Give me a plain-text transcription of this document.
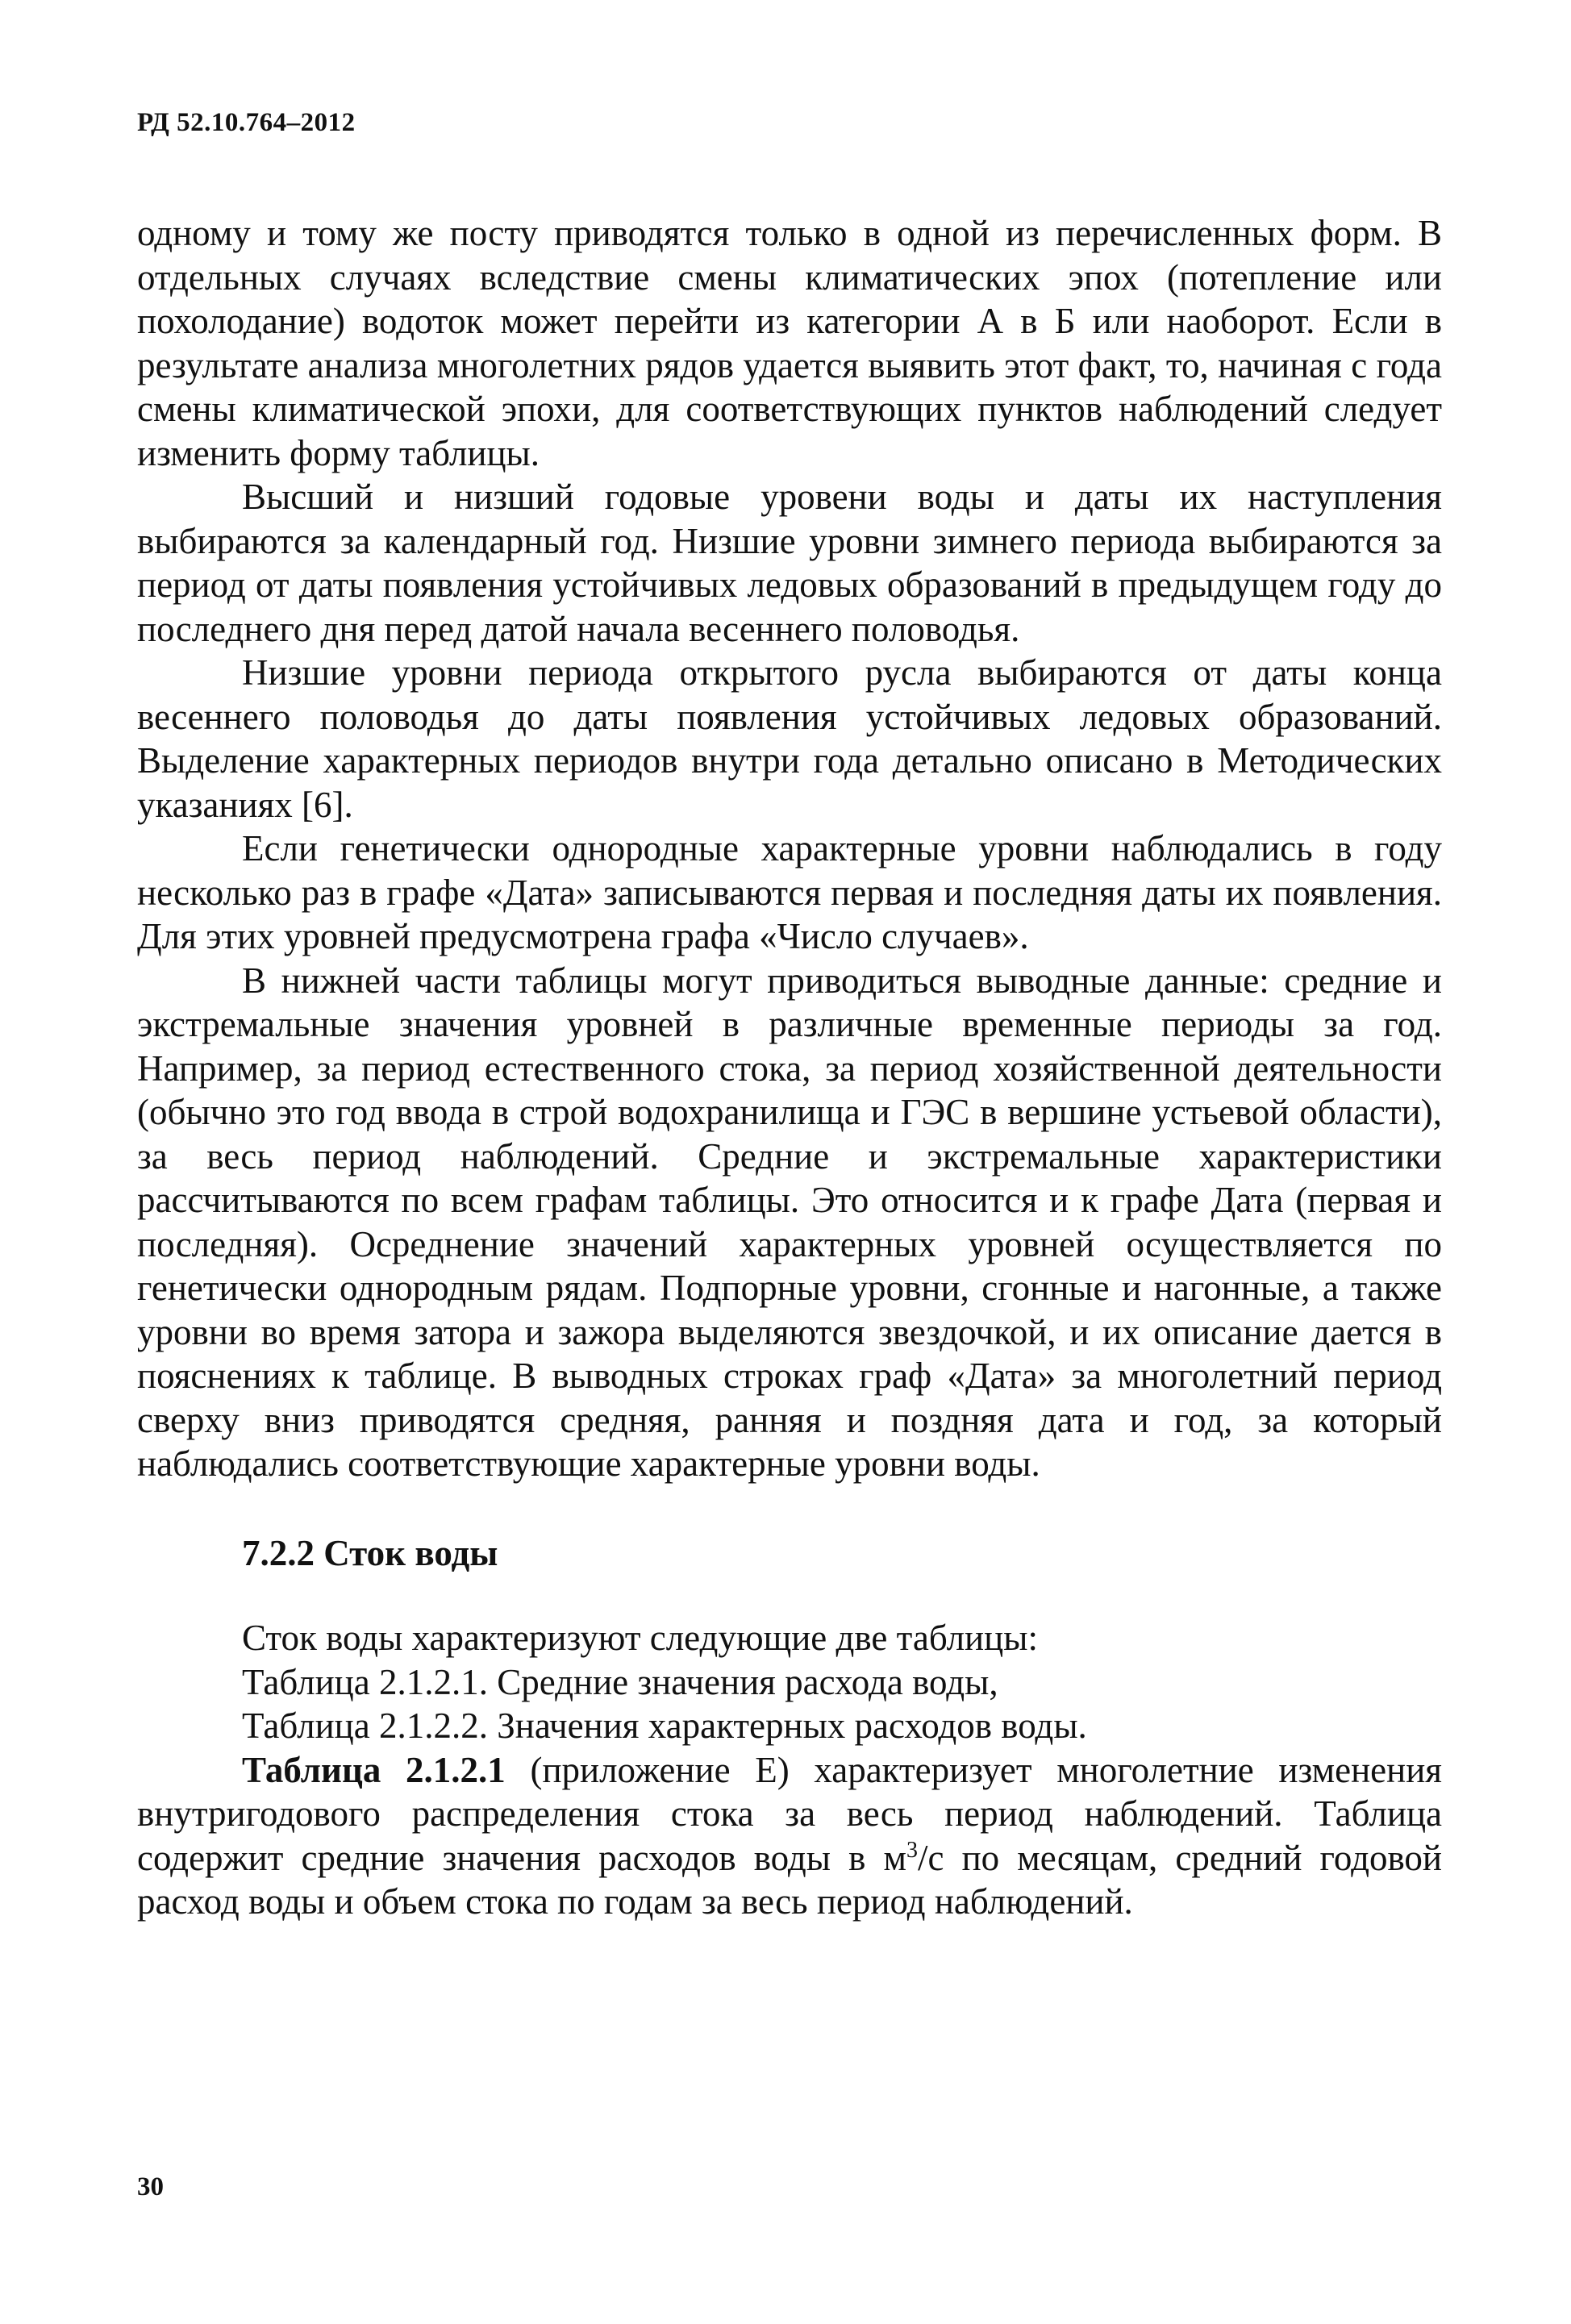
РД 52.10.764–2012

одному и тому же посту приводятся только в одной из перечисленных форм. В отдельных случаях вследствие смены климатических эпох (потепление или похолодание) водоток может перейти из категории А в Б или наоборот. Если в результате анализа многолетних рядов удается выявить этот факт, то, начиная с года смены климатической эпохи, для соответствующих пунктов наблюдений следует изменить форму таблицы.

Высший и низший годовые уровени воды и даты их наступления выбираются за календарный год. Низшие уровни зимнего периода выбираются за период от даты появления устойчивых ледовых образований в предыдущем году до последнего дня перед датой начала весеннего половодья.

Низшие уровни периода открытого русла выбираются от даты конца весеннего половодья до даты появления устойчивых ледовых образований. Выделение характерных периодов внутри года детально описано в Методических указаниях [6].

Если генетически однородные характерные уровни наблюдались в году несколько раз в графе «Дата» записываются первая и последняя даты их появления. Для этих уровней предусмотрена графа «Число случаев».

В нижней части таблицы могут приводиться выводные данные: средние и экстремальные значения уровней в различные временные периоды за год. Например, за период естественного стока, за период хозяйственной деятельности (обычно это год ввода в строй водохранилища и ГЭС в вершине устьевой области), за весь период наблюдений. Средние и экстремальные характеристики рассчитываются по всем графам таблицы. Это относится и к графе Дата (первая и последняя). Осреднение значений характерных уровней осуществляется по генетически однородным рядам. Подпорные уровни, сгонные и нагонные, а также уровни во время затора и зажора выделяются звездочкой, и их описание дается в пояснениях к таблице. В выводных строках граф «Дата» за многолетний период сверху вниз приводятся средняя, ранняя и поздняя дата и год, за который наблюдались соответствующие характерные уровни воды.

7.2.2 Сток воды

Сток воды характеризуют следующие две таблицы:

Таблица 2.1.2.1. Средние значения расхода воды,

Таблица 2.1.2.2. Значения характерных расходов воды.

Таблица 2.1.2.1 (приложение Е) характеризует многолетние изменения внутригодового распределения стока за весь период наблюдений. Таблица содержит средние значения расходов воды в $м^3/с$ по месяцам, средний годовой расход воды и объем стока по годам за весь период наблюдений.

30
